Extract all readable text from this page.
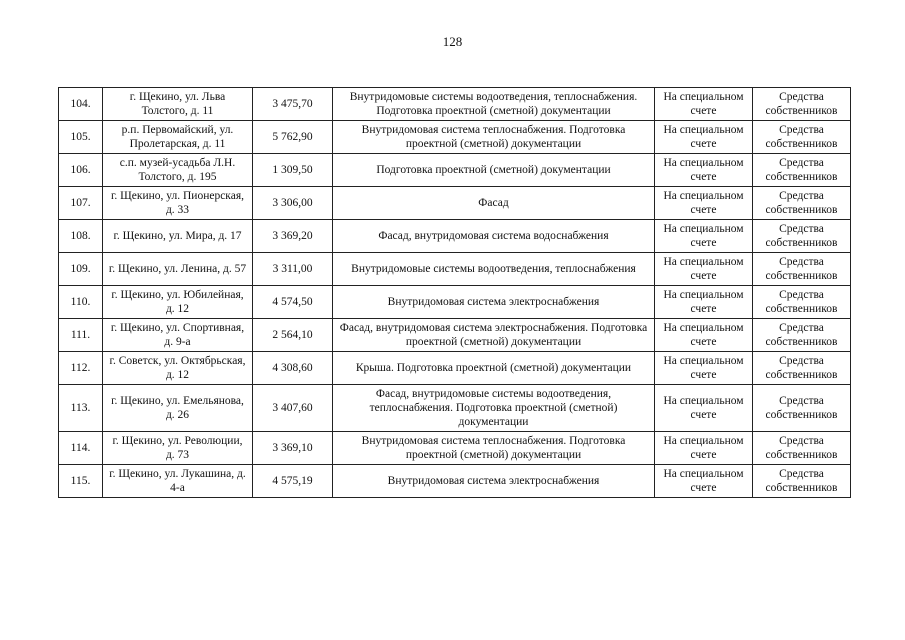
128
104.	г. Щекино, ул. Льва Толстого, д. 11	3 475,70	Внутридомовые системы водоотведения, теплоснабжения. Подготовка проектной (сметной) документации	На специальном счете	Средства собственников
105.	р.п. Первомайский, ул. Пролетарская, д. 11	5 762,90	Внутридомовая система теплоснабжения. Подготовка проектной (сметной) документации	На специальном счете	Средства собственников
106.	с.п. музей-усадьба Л.Н. Толстого, д. 195	1 309,50	Подготовка проектной (сметной) документации	На специальном счете	Средства собственников
107.	г. Щекино, ул. Пионерская, д. 33	3 306,00	Фасад	На специальном счете	Средства собственников
108.	г. Щекино, ул. Мира, д. 17	3 369,20	Фасад, внутридомовая система водоснабжения	На специальном счете	Средства собственников
109.	г. Щекино, ул. Ленина, д. 57	3 311,00	Внутридомовые системы водоотведения, теплоснабжения	На специальном счете	Средства собственников
110.	г. Щекино, ул. Юбилейная, д. 12	4 574,50	Внутридомовая система электроснабжения	На специальном счете	Средства собственников
111.	г. Щекино, ул. Спортивная, д. 9-а	2 564,10	Фасад, внутридомовая система электроснабжения. Подготовка проектной (сметной) документации	На специальном счете	Средства собственников
112.	г. Советск, ул. Октябрьская, д. 12	4 308,60	Крыша. Подготовка проектной (сметной) документации	На специальном счете	Средства собственников
113.	г. Щекино, ул. Емельянова, д. 26	3 407,60	Фасад, внутридомовые системы водоотведения, теплоснабжения. Подготовка проектной (сметной) документации	На специальном счете	Средства собственников
114.	г. Щекино, ул. Революции, д. 73	3 369,10	Внутридомовая система теплоснабжения. Подготовка проектной (сметной) документации	На специальном счете	Средства собственников
115.	г. Щекино, ул. Лукашина, д. 4-а	4 575,19	Внутридомовая система электроснабжения	На специальном счете	Средства собственников
